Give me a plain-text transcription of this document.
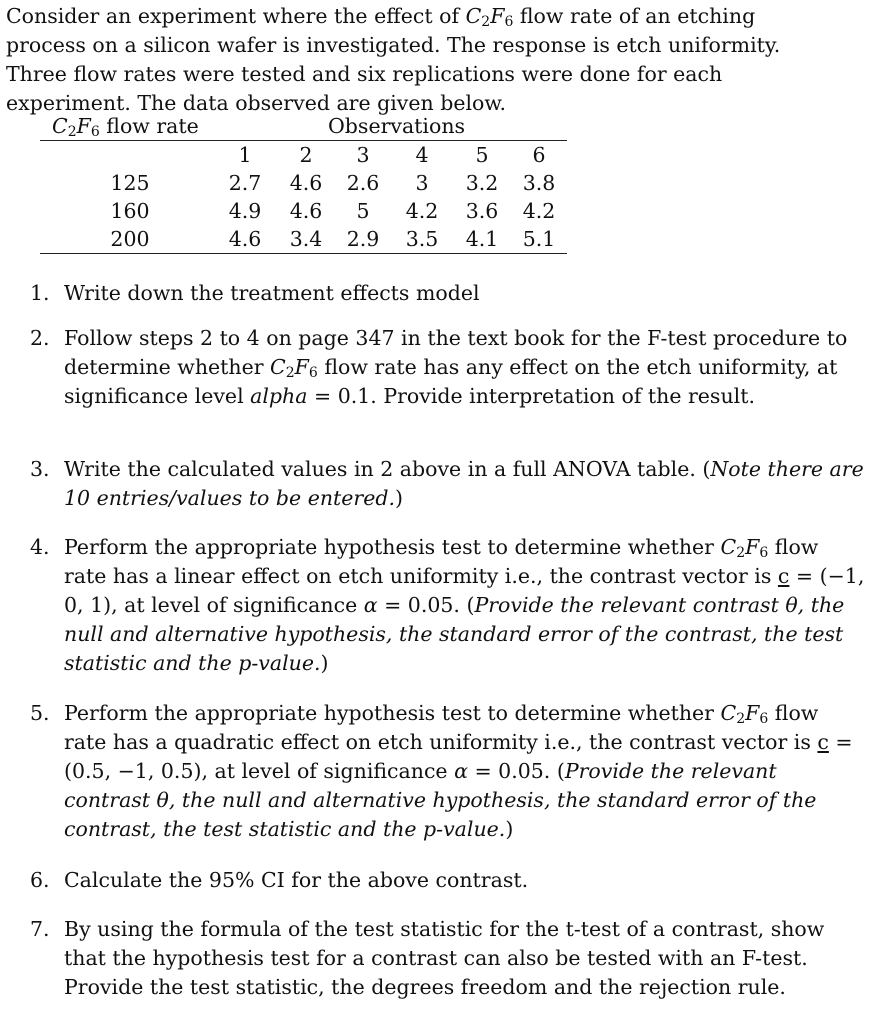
Consider an experiment where the effect of $C_2F_6$ flow rate of an etching process on a silicon wafer is investigated. The response is etch uniformity. Three flow rates were tested and six replications were done for each experiment. The data observed are given below.

$C_2F_6$ flow rate	Observations
1	2	3	4	5	6
125	2.7	4.6	2.6	3	3.2	3.8
160	4.9	4.6	5	4.2	3.6	4.2
200	4.6	3.4	2.9	3.5	4.1	5.1

1. Write down the treatment effects model

2. Follow steps 2 to 4 on page 347 in the text book for the F-test procedure to determine whether $C_2F_6$ flow rate has any effect on the etch uniformity, at significance level alpha = 0.1. Provide interpretation of the result.

3. Write the calculated values in 2 above in a full ANOVA table. (Note there are 10 entries/values to be entered.)

4. Perform the appropriate hypothesis test to determine whether $C_2F_6$ flow rate has a linear effect on etch uniformity i.e., the contrast vector is c = (−1, 0, 1), at level of significance α = 0.05. (Provide the relevant contrast θ, the null and alternative hypothesis, the standard error of the contrast, the test statistic and the p-value.)

5. Perform the appropriate hypothesis test to determine whether $C_2F_6$ flow rate has a quadratic effect on etch uniformity i.e., the contrast vector is c = (0.5, −1, 0.5), at level of significance α = 0.05. (Provide the relevant contrast θ, the null and alternative hypothesis, the standard error of the contrast, the test statistic and the p-value.)

6. Calculate the 95% CI for the above contrast.

7. By using the formula of the test statistic for the t-test of a contrast, show that the hypothesis test for a contrast can also be tested with an F-test. Provide the test statistic, the degrees freedom and the rejection rule.
